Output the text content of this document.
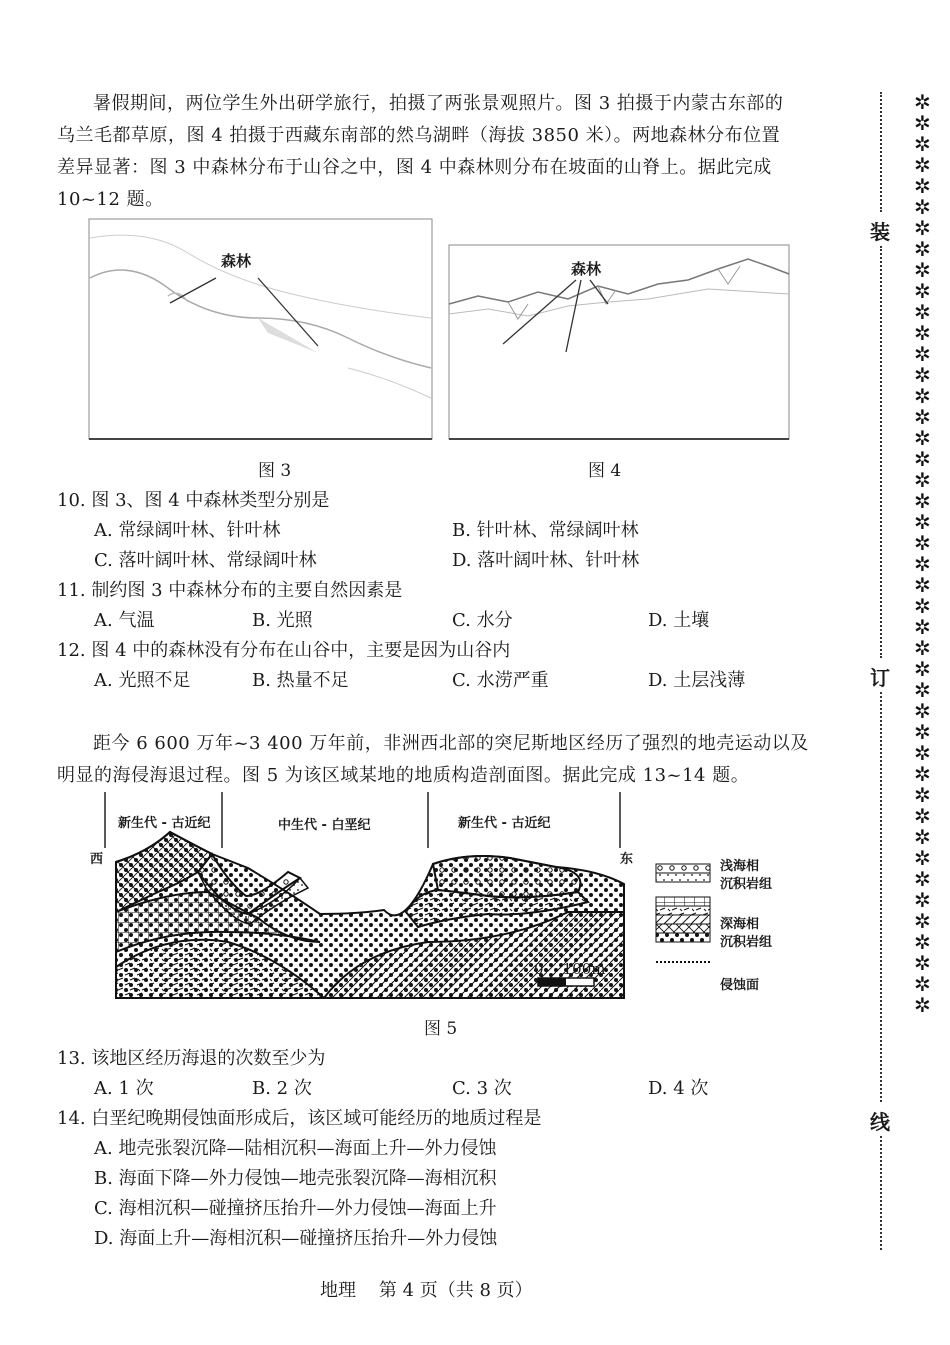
暑假期间，两位学生外出研学旅行，拍摄了两张景观照片。图 3 拍摄于内蒙古东部的
乌兰毛都草原，图 4 拍摄于西藏东南部的然乌湖畔（海拔 3850 米）。两地森林分布位置
差异显著：图 3 中森林分布于山谷之中，图 4 中森林则分布在坡面的山脊上。据此完成
10~12 题。
森林
图 3
森林
图 4
10. 图 3、图 4 中森林类型分别是
A. 常绿阔叶林、针叶林	B. 针叶林、常绿阔叶林
C. 落叶阔叶林、常绿阔叶林	D. 落叶阔叶林、针叶林
11. 制约图 3 中森林分布的主要自然因素是
A. 气温	B. 光照	C. 水分	D. 土壤
12. 图 4 中的森林没有分布在山谷中，主要是因为山谷内
A. 光照不足	B. 热量不足	C. 水涝严重	D. 土层浅薄
距今 6 600 万年~3 400 万年前，非洲西北部的突尼斯地区经历了强烈的地壳运动以及
明显的海侵海退过程。图 5 为该区域某地的地质构造剖面图。据此完成 13~14 题。
新生代 - 古近纪	中生代 - 白垩纪	新生代 - 古近纪
西	东
0    100m
浅海相
沉积岩组
深海相
沉积岩组
侵蚀面
图 5
13. 该地区经历海退的次数至少为
A. 1 次	B. 2 次	C. 3 次	D. 4 次
14. 白垩纪晚期侵蚀面形成后，该区域可能经历的地质过程是
A. 地壳张裂沉降—陆相沉积—海面上升—外力侵蚀
B. 海面下降—外力侵蚀—地壳张裂沉降—海相沉积
C. 海相沉积—碰撞挤压抬升—外力侵蚀—海面上升
D. 海面上升—海相沉积—碰撞挤压抬升—外力侵蚀
地理    第 4 页（共 8 页）
装
订
线
✲✲✲✲✲✲✲✲✲✲✲✲✲✲✲✲✲✲✲✲✲✲✲✲✲✲✲✲✲✲✲✲✲✲✲✲✲✲✲✲✲✲✲✲
